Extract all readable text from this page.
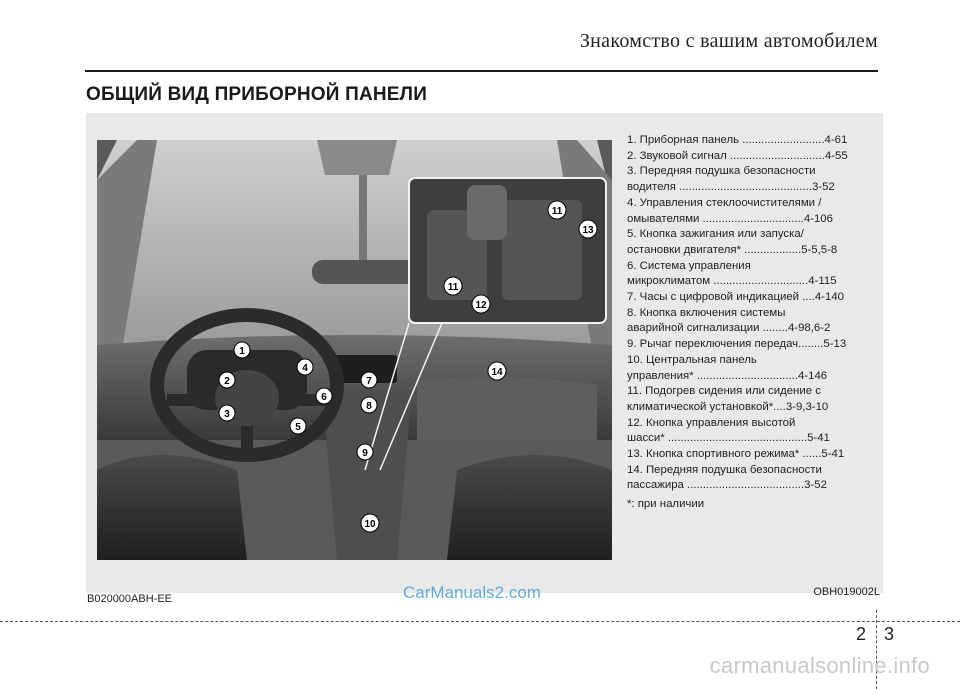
Знакомство с вашим автомобилем
ОБЩИЙ ВИД ПРИБОРНОЙ ПАНЕЛИ
1
2
3
4
5
6
7
8
9
10
14
11
13
11
12
1. Приборная панель ..........................4-61
2. Звуковой сигнал ..............................4-55
3. Передняя подушка безопасности
водителя ..........................................3-52
4. Управления стеклоочистителями /
омывателями ................................4-106
5. Кнопка зажигания или запуска/
остановки двигателя* ..................5-5,5-8
6. Система управления
микроклиматом ..............................4-115
7. Часы с цифровой индикацией ....4-140
8. Кнопка включения системы
аварийной сигнализации ........4-98,6-2
9. Рычаг переключения передач........5-13
10. Центральная панель
управления* ................................4-146
11. Подогрев сидения или сидение с
климатической установкой*....3-9,3-10
12. Кнопка управления высотой
шасси* ............................................5-41
13. Кнопка спортивного режима* ......5-41
14. Передняя подушка безопасности
пассажира .....................................3-52
*: при наличии
OBH019002L
B020000ABH-EE	CarManuals2.com
2 3
carmanualsonline.info
